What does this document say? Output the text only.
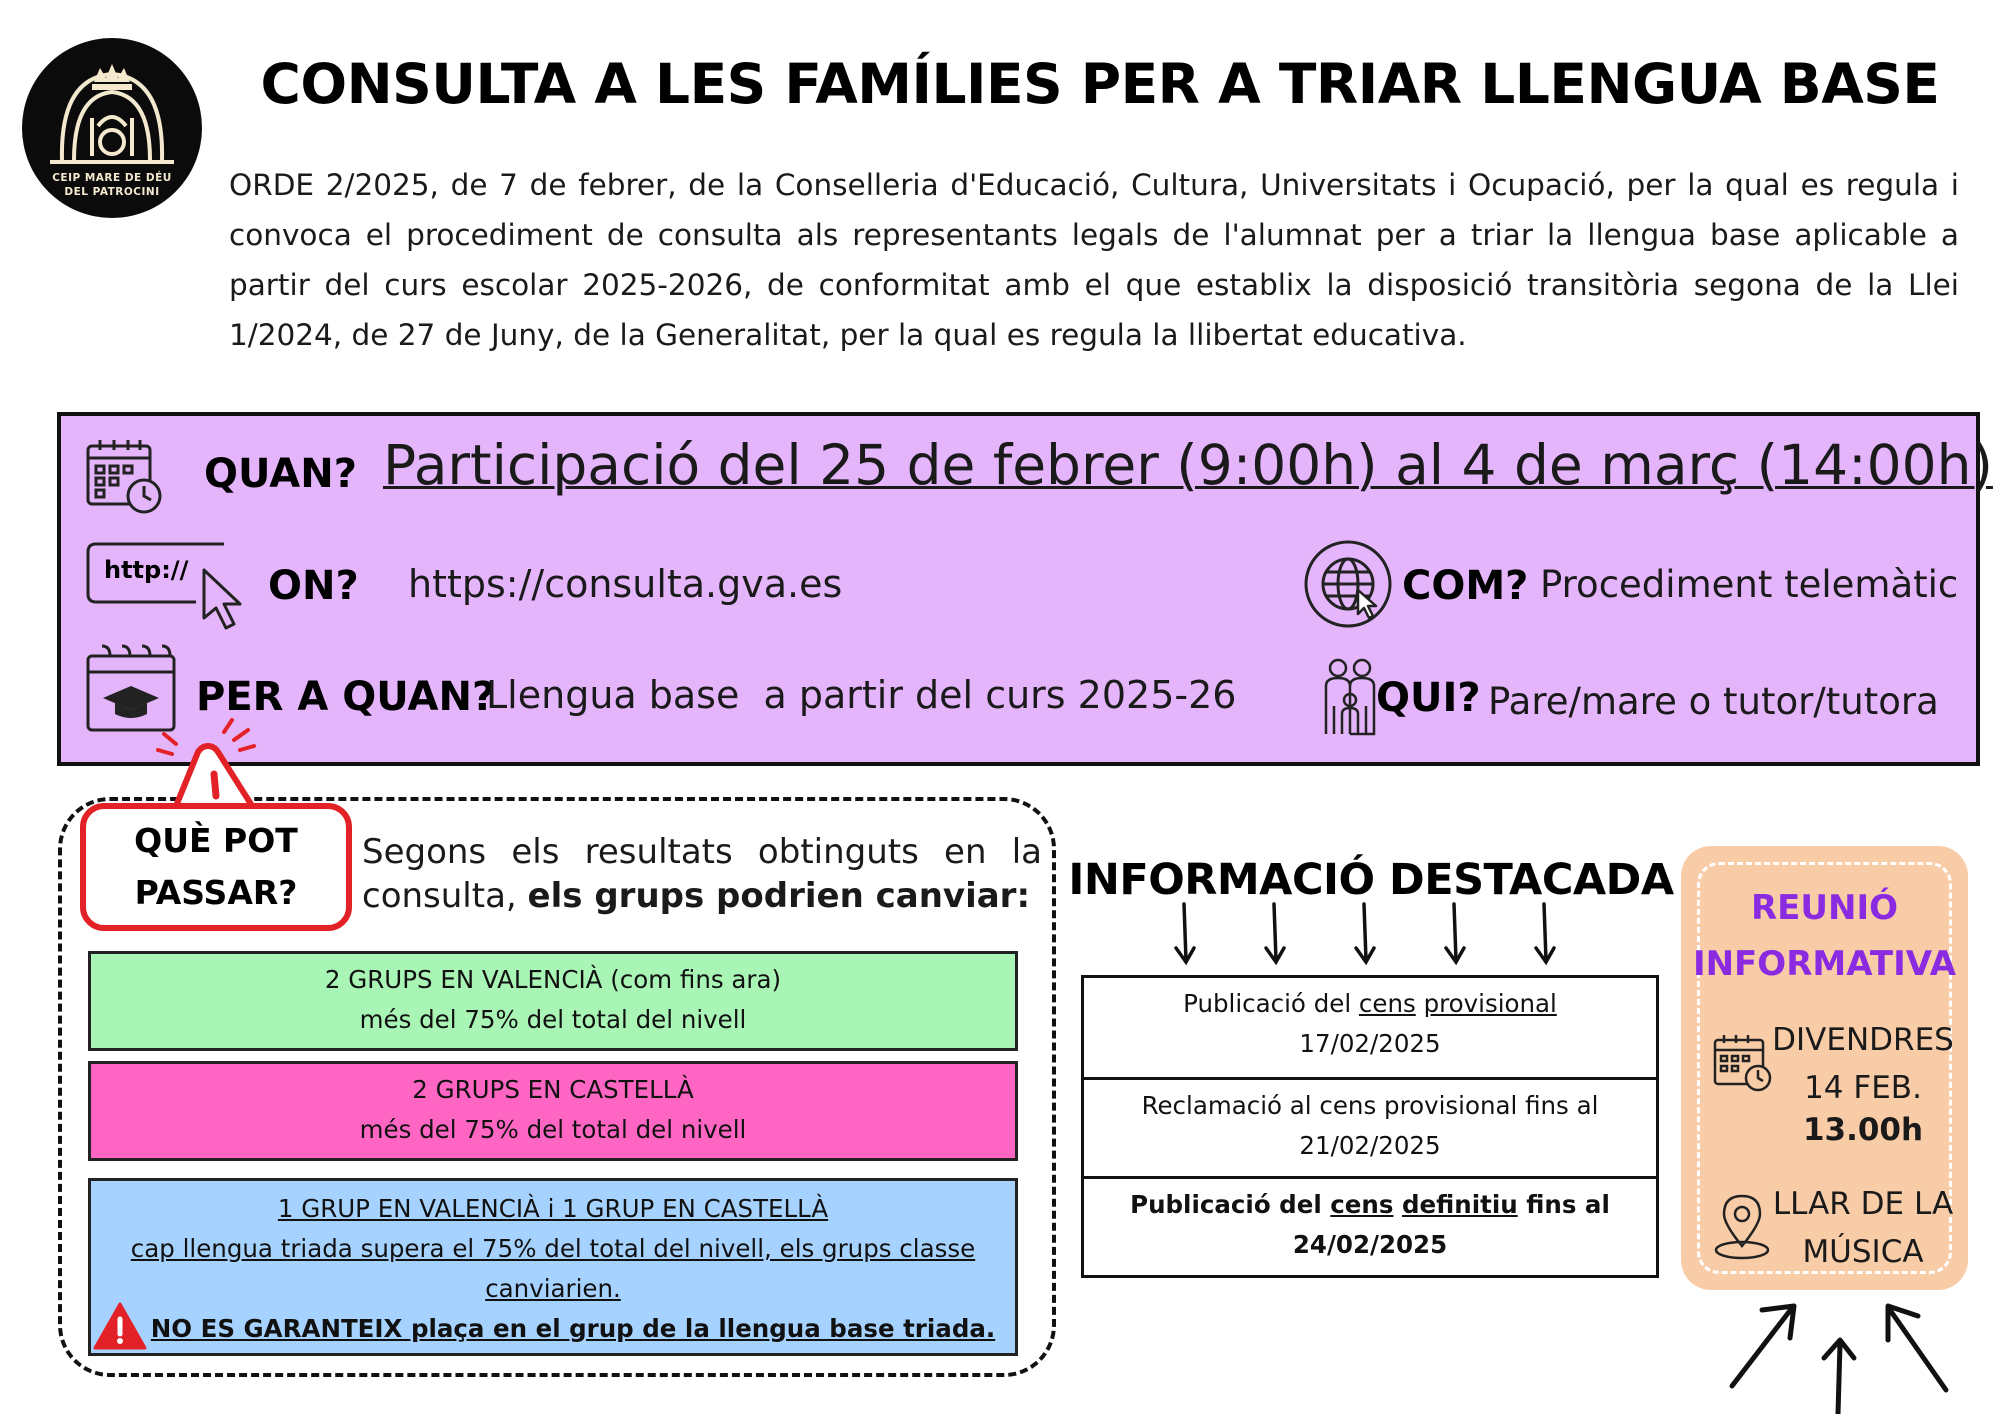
CEIP MARE DE DÉU
DEL PATROCINI
CONSULTA A LES FAMÍLIES PER A TRIAR LLENGUA BASE
ORDE 2/2025, de 7 de febrer, de la Conselleria d'Educació, Cultura, Universitats i Ocupació, per la qual es regula i convoca el procediment de consulta als representants legals de l'alumnat per a triar la llengua base aplicable a partir del curs escolar 2025-2026, de conformitat amb el que establix la disposició transitòria segona de la Llei 1/2024, de 27 de Juny, de la Generalitat, per la qual es regula la llibertat educativa.
QUAN? Participació del 25 de febrer (9:00h) al 4 de març (14:00h)
http:// ON? https://consulta.gva.es	COM? Procediment telemàtic
PER A QUAN?
Llengua base  a partir del curs 2025-26	QUI? Pare/mare o tutor/tutora
QUÈ POT PASSAR?
Segons els resultats obtinguts en la consulta, els grups podrien canviar:
2 GRUPS EN VALENCIÀ (com fins ara)
més del 75% del total del nivell
2 GRUPS EN CASTELLÀ
més del 75% del total del nivell
1 GRUP EN VALENCIÀ i 1 GRUP EN CASTELLÀ
cap llengua triada supera el 75% del total del nivell, els grups classe canviarien.
NO ES GARANTEIX plaça en el grup de la llengua base triada.
INFORMACIÓ DESTACADA
Publicació del cens provisional
17/02/2025
Reclamació al cens provisional fins al
21/02/2025
Publicació del cens definitiu fins al
24/02/2025
REUNIÓ
INFORMATIVA
DIVENDRES
14 FEB.
13.00h
LLAR DE LA
MÚSICA
